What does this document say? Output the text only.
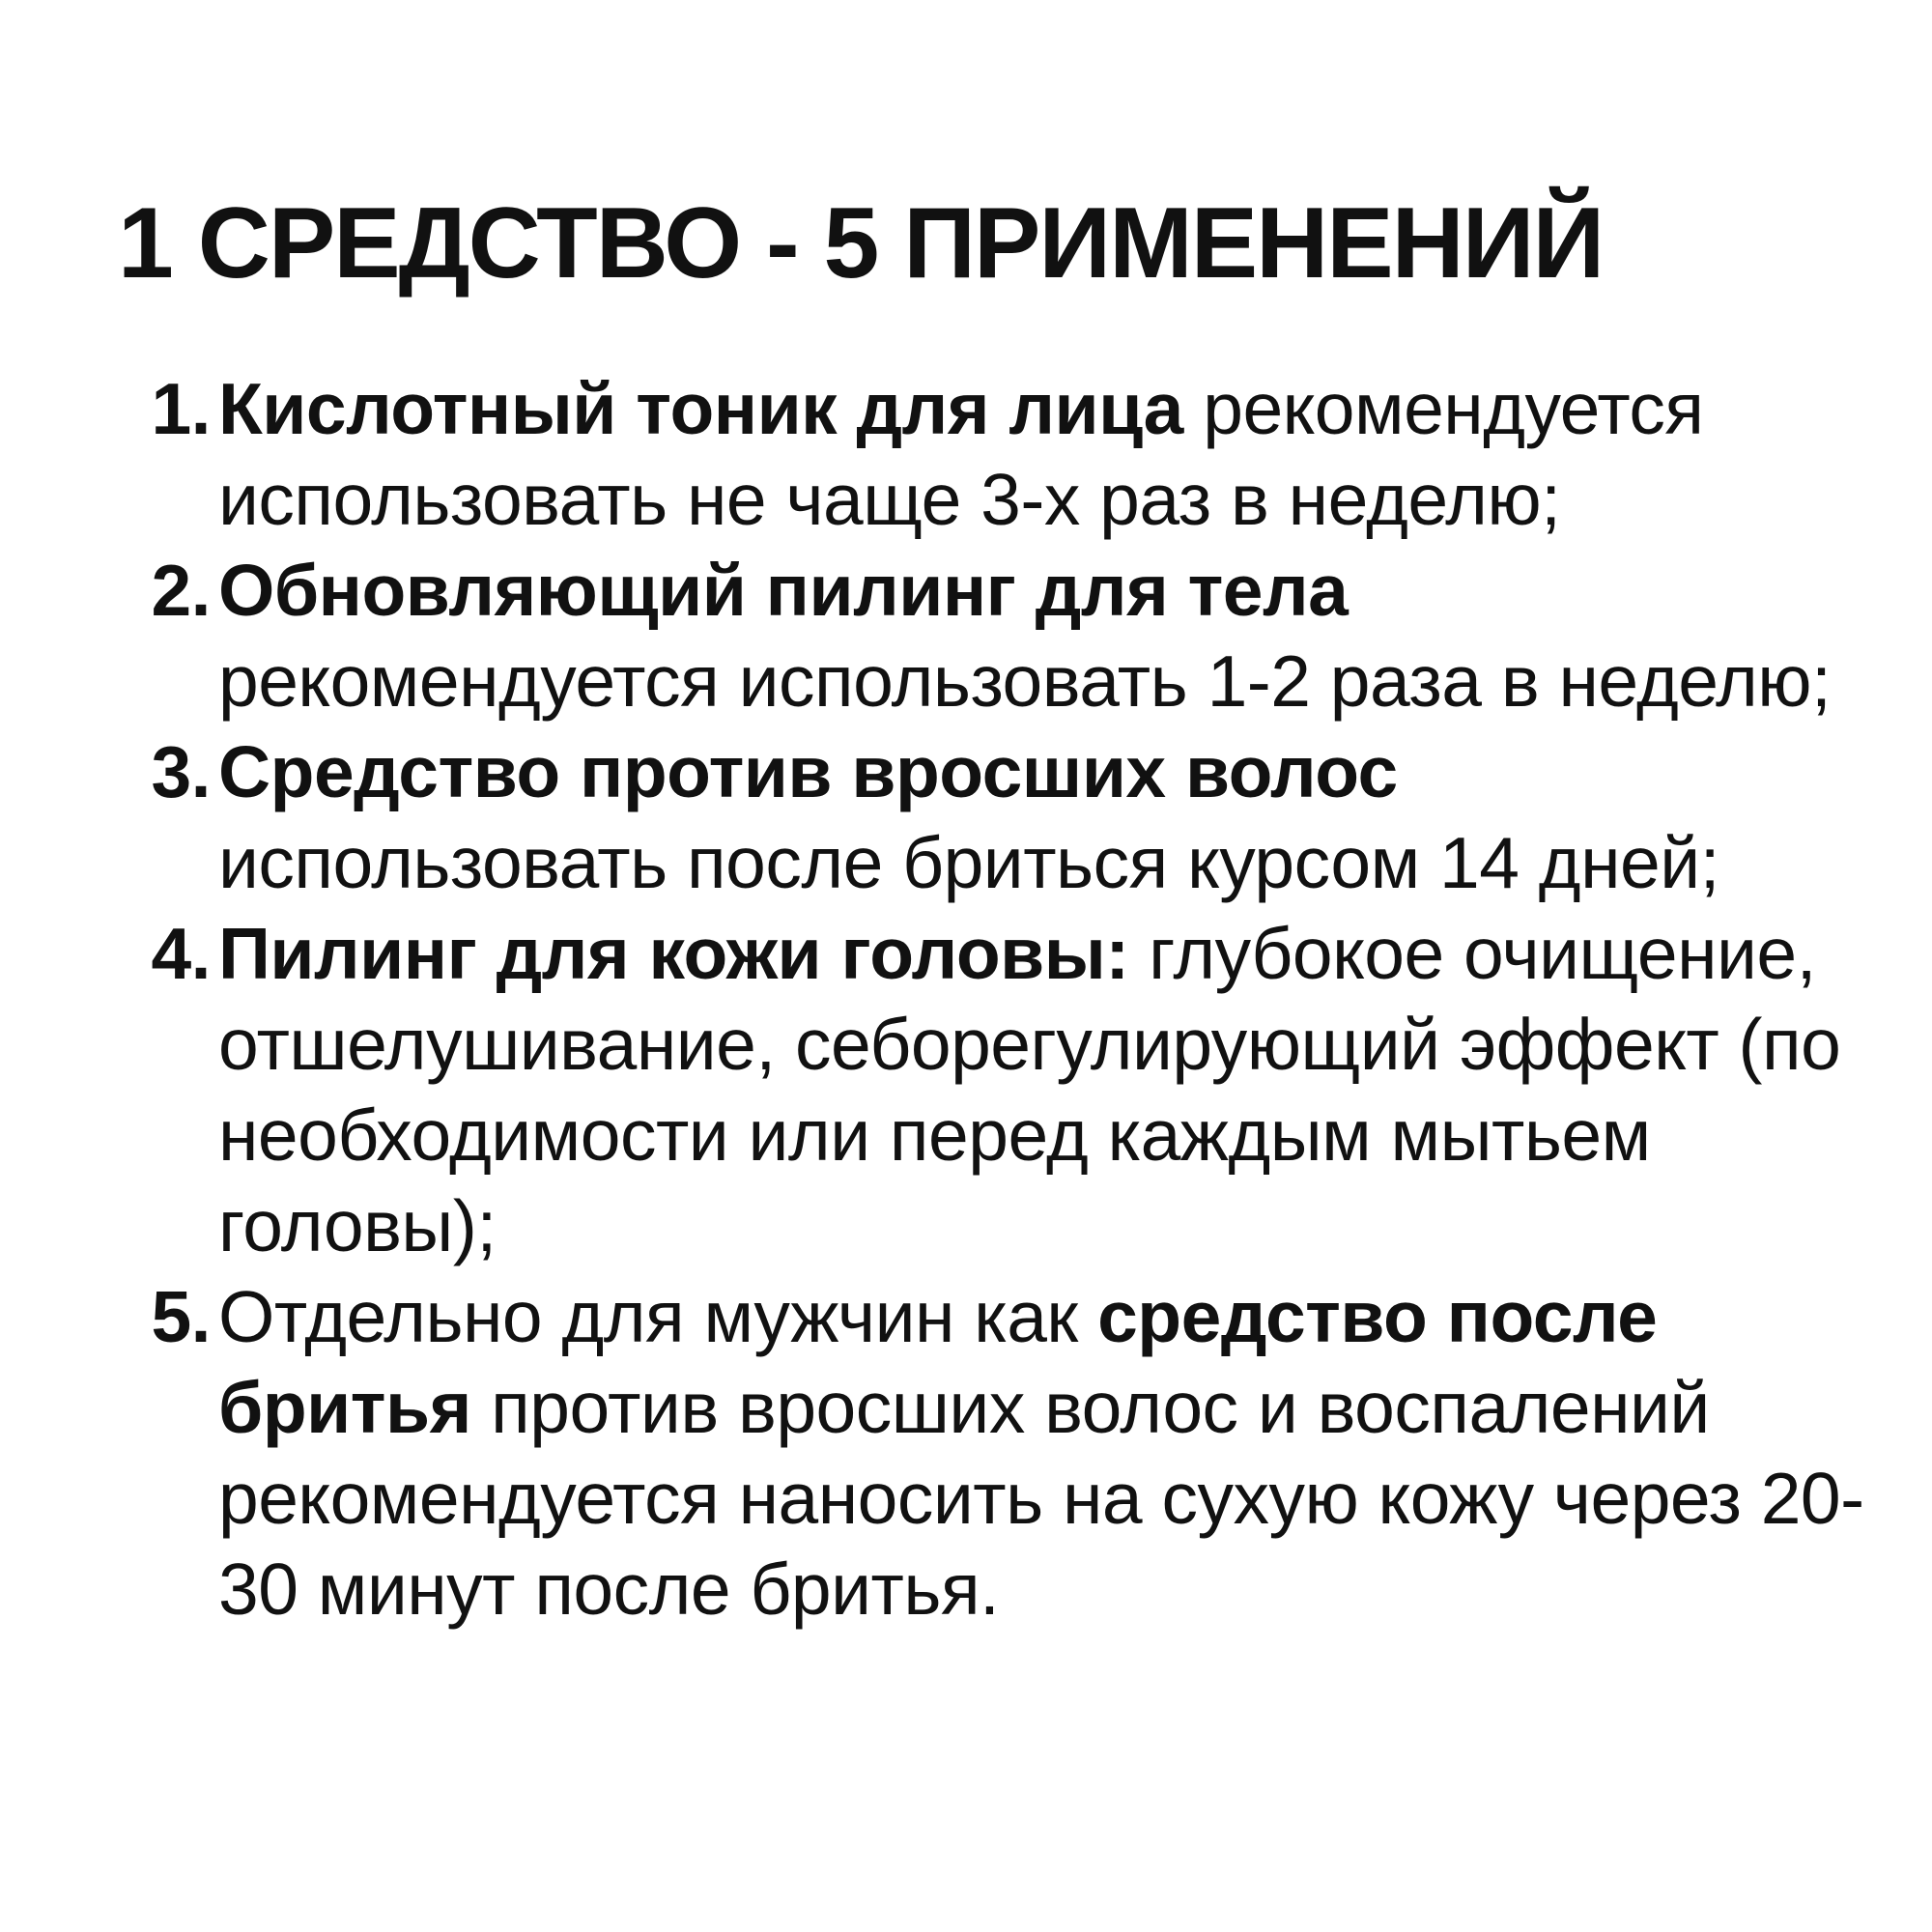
1 СРЕДСТВО - 5 ПРИМЕНЕНИЙ
1. Кислотный тоник для лица рекомендуется использовать не чаще 3-х раз в неделю;
2. Обновляющий пилинг для тела
рекомендуется использовать 1-2 раза в неделю;
3. Средство против вросших волос
использовать после бриться курсом 14 дней;
4. Пилинг для кожи головы: глубокое очищение, отшелушивание, себорегулирующий эффект (по необходимости или перед каждым мытьем головы);
5. Отдельно для мужчин как средство после бритья против вросших волос и воспалений рекомендуется наносить на сухую кожу через 20-30 минут после бритья.
